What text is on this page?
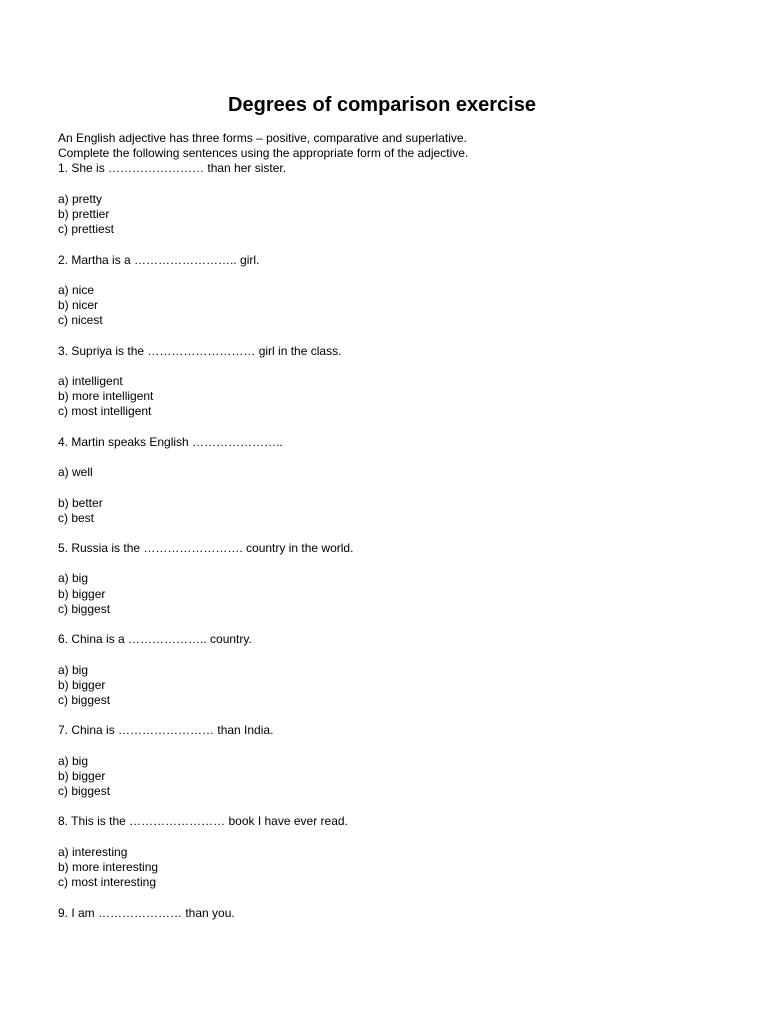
Degrees of comparison exercise
An English adjective has three forms – positive, comparative and superlative.
Complete the following sentences using the appropriate form of the adjective.
1. She is …………………… than her sister.
a) pretty
b) prettier
c) prettiest
2. Martha is a …………………….. girl.
a) nice
b) nicer
c) nicest
3. Supriya is the ……………………… girl in the class.
a) intelligent
b) more intelligent
c) most intelligent
4. Martin speaks English …………………..
a) well
b) better
c) best
5. Russia is the ……………………. country in the world.
a) big
b) bigger
c) biggest
6. China is a ……………….. country.
a) big
b) bigger
c) biggest
7. China is …………………… than India.
a) big
b) bigger
c) biggest
8. This is the …………………… book I have ever read.
a) interesting
b) more interesting
c) most interesting
9. I am ………………… than you.
